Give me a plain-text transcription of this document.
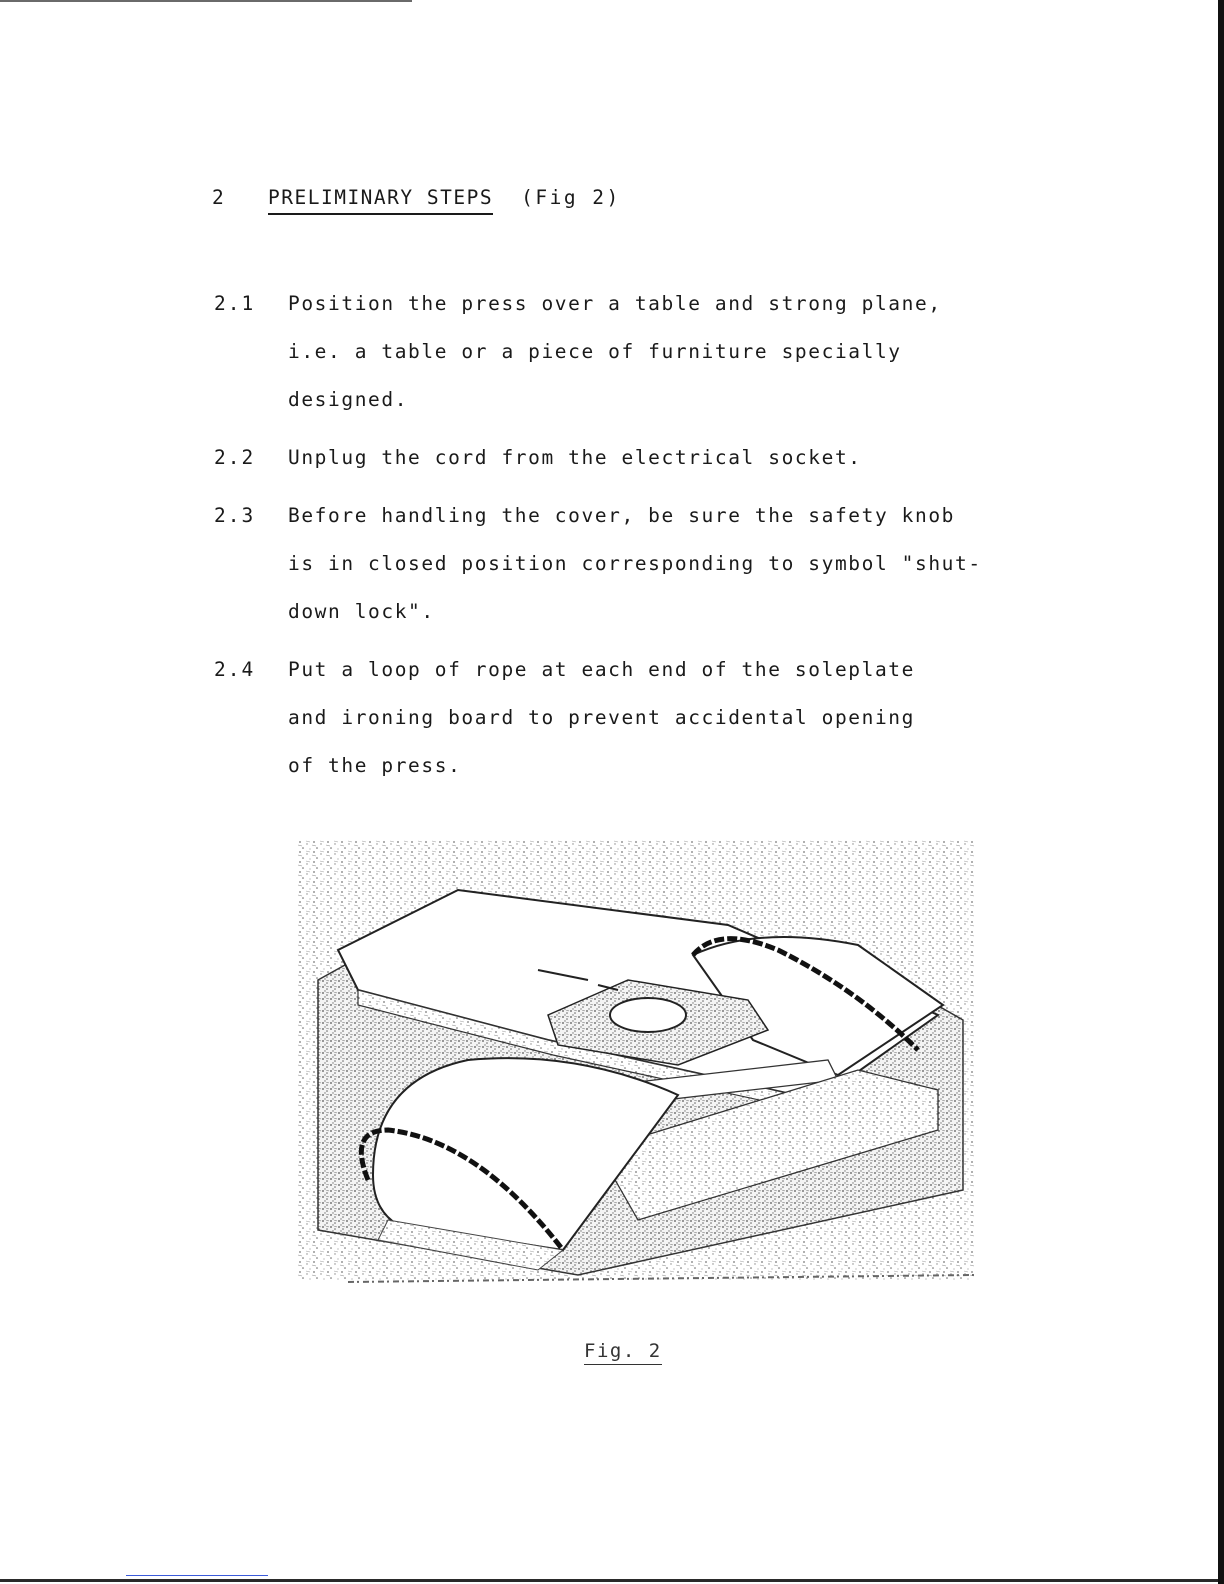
2 PRELIMINARY STEPS (Fig 2)
2.1	Position the press over a table and strong plane,
i.e. a table or a piece of furniture specially
designed.
2.2	Unplug the cord from the electrical socket.
2.3	Before handling the cover, be sure the safety knob
is in closed position corresponding to symbol "shut-
down lock".
2.4	Put a loop of rope at each end of the soleplate
and ironing board to prevent accidental opening
of the press.
Fig. 2
